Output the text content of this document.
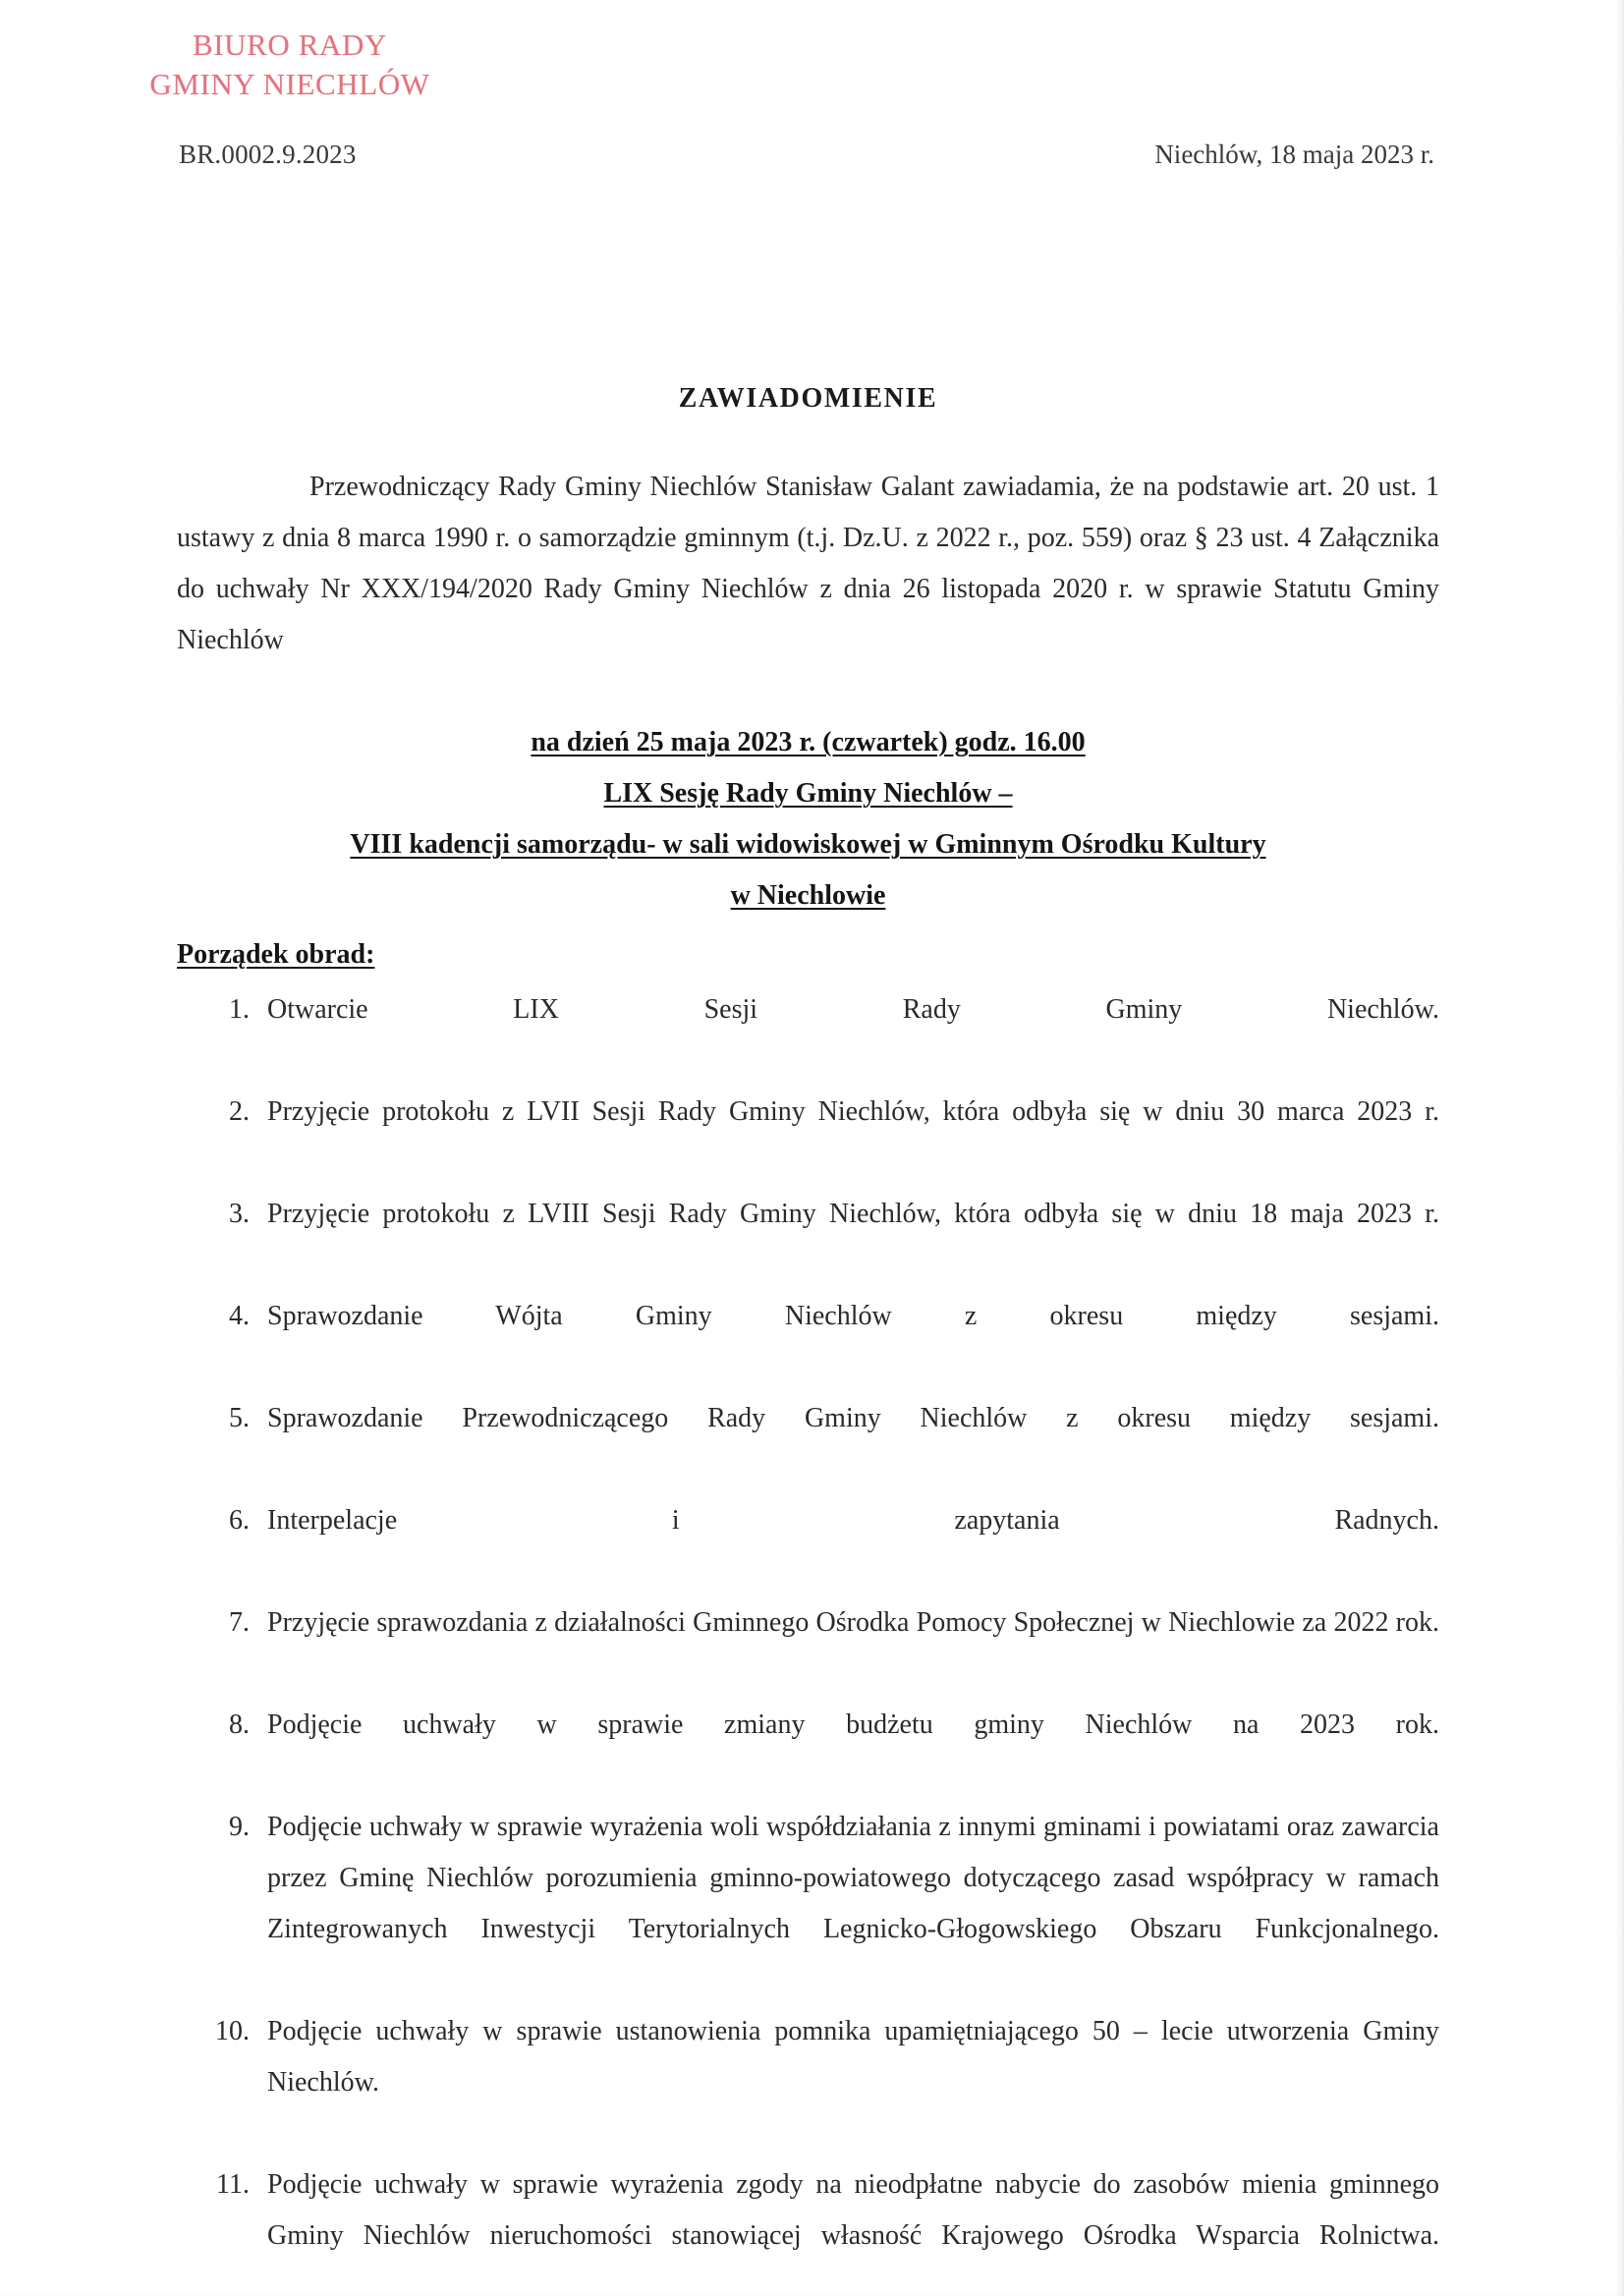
BIURO RADY
GMINY NIECHLÓW
BR.0002.9.2023	Niechlów, 18 maja 2023 r.
ZAWIADOMIENIE

Przewodniczący Rady Gminy Niechlów Stanisław Galant zawiadamia, że na podstawie art. 20 ust. 1 ustawy z dnia 8 marca 1990 r. o samorządzie gminnym (t.j. Dz.U. z 2022 r., poz. 559) oraz § 23 ust. 4 Załącznika do uchwały Nr XXX/194/2020 Rady Gminy Niechlów z dnia 26 listopada 2020 r. w sprawie Statutu Gminy Niechlów

na dzień 25 maja 2023 r. (czwartek) godz. 16.00
LIX Sesję Rady Gminy Niechlów –
VIII kadencji samorządu- w sali widowiskowej w Gminnym Ośrodku Kultury
w Niechlowie
Porządek obrad:
1. Otwarcie LIX Sesji Rady Gminy Niechlów.
2. Przyjęcie protokołu z LVII Sesji Rady Gminy Niechlów, która odbyła się w dniu 30 marca 2023 r.
3. Przyjęcie protokołu z LVIII Sesji Rady Gminy Niechlów, która odbyła się w dniu 18 maja 2023 r.
4. Sprawozdanie Wójta Gminy Niechlów z okresu między sesjami.
5. Sprawozdanie Przewodniczącego Rady Gminy Niechlów z okresu między sesjami.
6. Interpelacje i zapytania Radnych.
7. Przyjęcie sprawozdania z działalności Gminnego Ośrodka Pomocy Społecznej w Niechlowie za 2022 rok.
8. Podjęcie uchwały w sprawie zmiany budżetu gminy Niechlów na 2023 rok.
9. Podjęcie uchwały w sprawie wyrażenia woli współdziałania z innymi gminami i powiatami oraz zawarcia przez Gminę Niechlów porozumienia gminno-powiatowego dotyczącego zasad współpracy w ramach Zintegrowanych Inwestycji Terytorialnych Legnicko-Głogowskiego Obszaru Funkcjonalnego.
10. Podjęcie uchwały w sprawie ustanowienia pomnika upamiętniającego 50 – lecie utworzenia Gminy Niechlów.
11. Podjęcie uchwały w sprawie wyrażenia zgody na nieodpłatne nabycie do zasobów mienia gminnego Gminy Niechlów nieruchomości stanowiącej własność Krajowego Ośrodka Wsparcia Rolnictwa.
